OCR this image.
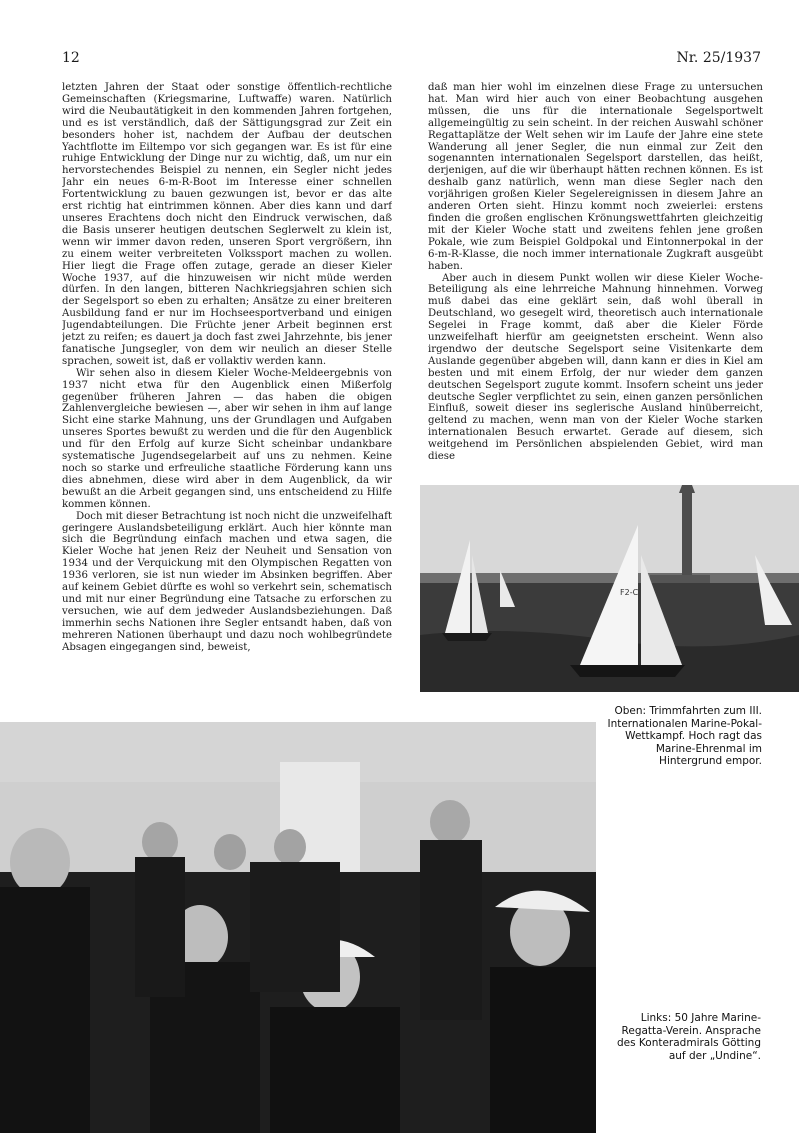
12	Nr. 25/1937

letzten Jahren der Staat oder sonstige öffentlich-rechtliche Gemeinschaften (Kriegsmarine, Luftwaffe) waren. Natürlich wird die Neubautätigkeit in den kommenden Jahren fortgehen, und es ist verständlich, daß der Sättigungsgrad zur Zeit ein besonders hoher ist, nachdem der Aufbau der deutschen Yachtflotte im Eiltempo vor sich gegangen war. Es ist für eine ruhige Entwicklung der Dinge nur zu wichtig, daß, um nur ein hervorstechendes Beispiel zu nennen, ein Segler nicht jedes Jahr ein neues 6-m-R-Boot im Interesse einer schnellen Fortentwicklung zu bauen gezwungen ist, bevor er das alte erst richtig hat eintrimmen können. Aber dies kann und darf unseres Erachtens doch nicht den Eindruck verwischen, daß die Basis unserer heutigen deutschen Seglerwelt zu klein ist, wenn wir immer davon reden, unseren Sport vergrößern, ihn zu einem weiter verbreiteten Volkssport machen zu wollen. Hier liegt die Frage offen zutage, gerade an dieser Kieler Woche 1937, auf die hinzuweisen wir nicht müde werden dürfen. In den langen, bitteren Nachkriegsjahren schien sich der Segelsport so eben zu erhalten; Ansätze zu einer breiteren Ausbildung fand er nur im Hochseesportverband und einigen Jugendabteilungen. Die Früchte jener Arbeit beginnen erst jetzt zu reifen; es dauert ja doch fast zwei Jahrzehnte, bis jener fanatische Jungsegler, von dem wir neulich an dieser Stelle sprachen, soweit ist, daß er vollaktiv werden kann.

Wir sehen also in diesem Kieler Woche-Meldeergebnis von 1937 nicht etwa für den Augenblick einen Mißerfolg gegenüber früheren Jahren — das haben die obigen Zahlenvergleiche bewiesen —, aber wir sehen in ihm auf lange Sicht eine starke Mahnung, uns der Grundlagen und Aufgaben unseres Sportes bewußt zu werden und die für den Augenblick und für den Erfolg auf kurze Sicht scheinbar undankbare systematische Jugendsegelarbeit auf uns zu nehmen. Keine noch so starke und erfreuliche staatliche Förderung kann uns dies abnehmen, diese wird aber in dem Augenblick, da wir bewußt an die Arbeit gegangen sind, uns entscheidend zu Hilfe kommen können.

Doch mit dieser Betrachtung ist noch nicht die unzweifelhaft geringere Auslandsbeteiligung erklärt. Auch hier könnte man sich die Begründung einfach machen und etwa sagen, die Kieler Woche hat jenen Reiz der Neuheit und Sensation von 1934 und der Verquickung mit den Olympischen Regatten von 1936 verloren, sie ist nun wieder im Absinken begriffen. Aber auf keinem Gebiet dürfte es wohl so verkehrt sein, schematisch und mit nur einer Begründung eine Tatsache zu erforschen zu versuchen, wie auf dem jedweder Auslandsbeziehungen. Daß immerhin sechs Nationen ihre Segler entsandt haben, daß von mehreren Nationen überhaupt und dazu noch wohlbegründete Absagen eingegangen sind, beweist,

daß man hier wohl im einzelnen diese Frage zu untersuchen hat. Man wird hier auch von einer Beobachtung ausgehen müssen, die uns für die internationale Segelsportwelt allgemeingültig zu sein scheint. In der reichen Auswahl schöner Regattaplätze der Welt sehen wir im Laufe der Jahre eine stete Wanderung all jener Segler, die nun einmal zur Zeit den sogenannten internationalen Segelsport darstellen, das heißt, derjenigen, auf die wir überhaupt hätten rechnen können. Es ist deshalb ganz natürlich, wenn man diese Segler nach den vorjährigen großen Kieler Segelereignissen in diesem Jahre an anderen Orten sieht. Hinzu kommt noch zweierlei: erstens finden die großen englischen Krönungswettfahrten gleichzeitig mit der Kieler Woche statt und zweitens fehlen jene großen Pokale, wie zum Beispiel Goldpokal und Eintonnerpokal in der 6-m-R-Klasse, die noch immer internationale Zugkraft ausgeübt haben.

Aber auch in diesem Punkt wollen wir diese Kieler Woche-Beteiligung als eine lehrreiche Mahnung hinnehmen. Vorweg muß dabei das eine geklärt sein, daß wohl überall in Deutschland, wo gesegelt wird, theoretisch auch internationale Segelei in Frage kommt, daß aber die Kieler Förde unzweifelhaft hierfür am geeignetsten erscheint. Wenn also irgendwo der deutsche Segelsport seine Visitenkarte dem Auslande gegenüber abgeben will, dann kann er dies in Kiel am besten und mit einem Erfolg, der nur wieder dem ganzen deutschen Segelsport zugute kommt. Insofern scheint uns jeder deutsche Segler verpflichtet zu sein, einen ganzen persönlichen Einfluß, soweit dieser ins seglerische Ausland hinüberreicht, geltend zu machen, wenn man von der Kieler Woche starken internationalen Besuch erwartet. Gerade auf diesem, sich weitgehend im Persönlichen abspielenden Gebiet, wird man diese

F2-C
Oben: Trimmfahrten zum III. Internationalen Marine-Pokal-Wettkampf. Hoch ragt das Marine-Ehrenmal im Hintergrund empor.
Links: 50 Jahre Marine-Regatta-Verein. Ansprache des Konteradmirals Götting auf der „Undine“.
